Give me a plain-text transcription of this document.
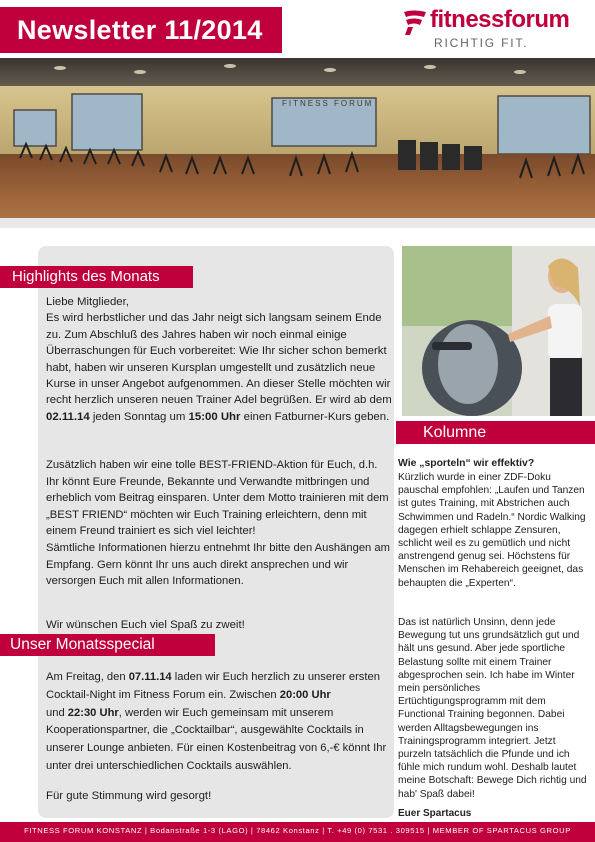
Newsletter 11/2014	fitnessforum
RICHTIG FIT.
FITNESS FORUM
Highlights des Monats

Liebe Mitglieder,

Es wird herbstlicher und das Jahr neigt sich langsam seinem Ende zu. Zum Abschluß des Jahres haben wir noch einmal einige Überraschungen für Euch vorbereitet: Wie Ihr sicher schon bemerkt habt, haben wir unseren Kursplan umgestellt und zusätzlich neue Kurse in unser Angebot aufgenommen. An dieser Stelle möchten wir recht herzlich unseren neuen Trainer Adel begrüßen. Er wird ab dem 02.11.14 jeden Sonntag um 15:00 Uhr einen Fatburner-Kurs geben.

Zusätzlich haben wir eine tolle BEST-FRIEND-Aktion für Euch, d.h. Ihr könnt Eure Freunde, Bekannte und Verwandte mitbringen und erheblich vom Beitrag einsparen. Unter dem Motto trainieren mit dem „BEST FRIEND“ möchten wir Euch Training erleichtern, denn mit einem Freund trainiert es sich viel leichter!

Sämtliche Informationen hierzu entnehmt Ihr bitte den Aushängen am Empfang. Gern könnt Ihr uns auch direkt ansprechen und wir versorgen Euch mit allen Informationen.

Wir wünschen Euch viel Spaß zu zweit!
Unser Monatsspecial

Am Freitag, den 07.11.14 laden wir Euch herzlich zu unserer ersten Cocktail-Night im Fitness Forum ein. Zwischen 20:00 Uhr
und 22:30 Uhr, werden wir Euch gemeinsam mit unserem Kooperationspartner, die „Cocktailbar“, ausgewählte Cocktails in unserer Lounge anbieten. Für einen Kostenbeitrag von 6,-€ könnt Ihr unter drei unterschiedlichen Cocktails auswählen.

Für gute Stimmung wird gesorgt!
Kolumne
Wie „sporteln“ wir effektiv?
Kürzlich wurde in einer ZDF-Doku pauschal empfohlen: „Laufen und Tanzen ist gutes Training, mit Abstrichen auch Schwimmen und Radeln.“ Nordic Walking dagegen erhielt schlappe Zensuren, schlicht weil es zu gemütlich und nicht anstrengend genug sei. Höchstens für Menschen im Rehabereich geeignet, das behaupten die „Experten“.
Das ist natürlich Unsinn, denn jede Bewegung tut uns grundsätzlich gut und hält uns gesund. Aber jede sportliche Belastung sollte mit einem Trainer abgesprochen sein. Ich habe im Winter mein persönliches Ertüchtigungsprogramm mit dem Functional Training begonnen. Dabei werden Alltagsbewegungen ins Trainingsprogramm integriert. Jetzt purzeln tatsächlich die Pfunde und ich fühle mich rundum wohl. Deshalb lautet meine Botschaft: Bewege Dich richtig und hab' Spaß dabei!
Euer Spartacus
FITNESS FORUM KONSTANZ | Bodanstraße 1-3 (LAGO) | 78462 Konstanz | T. +49 (0) 7531 . 309515 | MEMBER OF SPARTACUS GROUP
